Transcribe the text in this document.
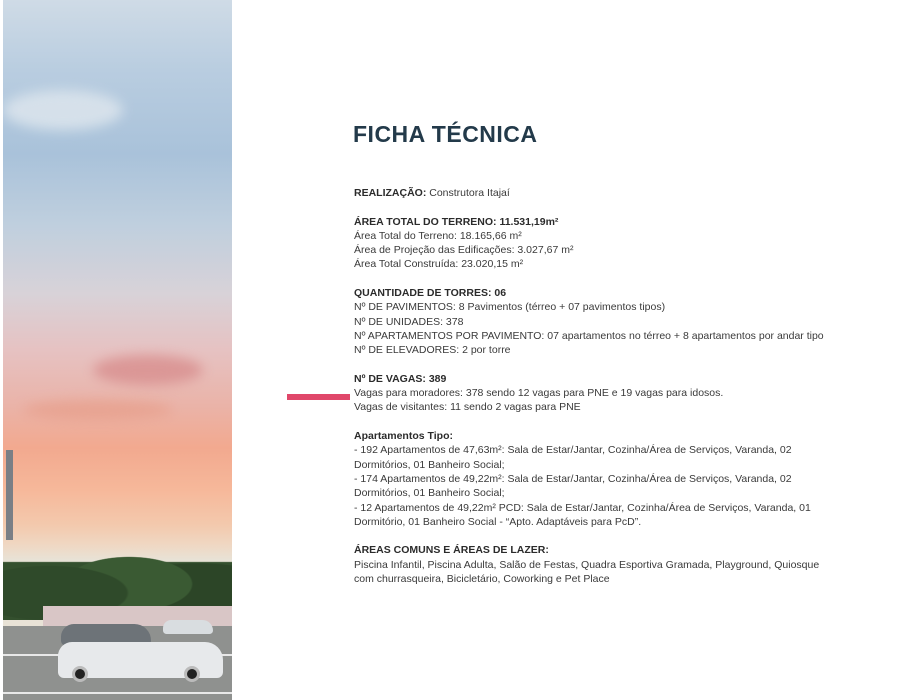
FICHA TÉCNICA

REALIZAÇÃO: Construtora Itajaí

ÁREA TOTAL DO TERRENO: 11.531,19m²

Área Total do Terreno: 18.165,66 m²

Área de Projeção das Edificações: 3.027,67 m²

Área Total Construída: 23.020,15 m²

QUANTIDADE DE TORRES: 06

Nº DE PAVIMENTOS: 8 Pavimentos (térreo + 07 pavimentos tipos)

Nº DE UNIDADES: 378

Nº APARTAMENTOS POR PAVIMENTO: 07 apartamentos no térreo + 8 apartamentos por andar tipo

Nº DE ELEVADORES: 2 por torre

Nº DE VAGAS: 389

Vagas para moradores: 378 sendo 12 vagas para PNE e 19 vagas para idosos.

Vagas de visitantes: 11 sendo 2 vagas para PNE

Apartamentos Tipo:

- 192 Apartamentos de 47,63m²: Sala de Estar/Jantar, Cozinha/Área de Serviços, Varanda, 02

Dormitórios, 01 Banheiro Social;

- 174 Apartamentos de 49,22m²: Sala de Estar/Jantar, Cozinha/Área de Serviços, Varanda, 02

Dormitórios, 01 Banheiro Social;

- 12 Apartamentos de 49,22m² PCD: Sala de Estar/Jantar, Cozinha/Área de Serviços, Varanda, 01

Dormitório, 01 Banheiro Social - “Apto. Adaptáveis para PcD”.

ÁREAS COMUNS E ÁREAS DE LAZER:

Piscina Infantil, Piscina Adulta, Salão de Festas, Quadra Esportiva Gramada, Playground, Quiosque

com churrasqueira, Bicicletário, Coworking e Pet Place
